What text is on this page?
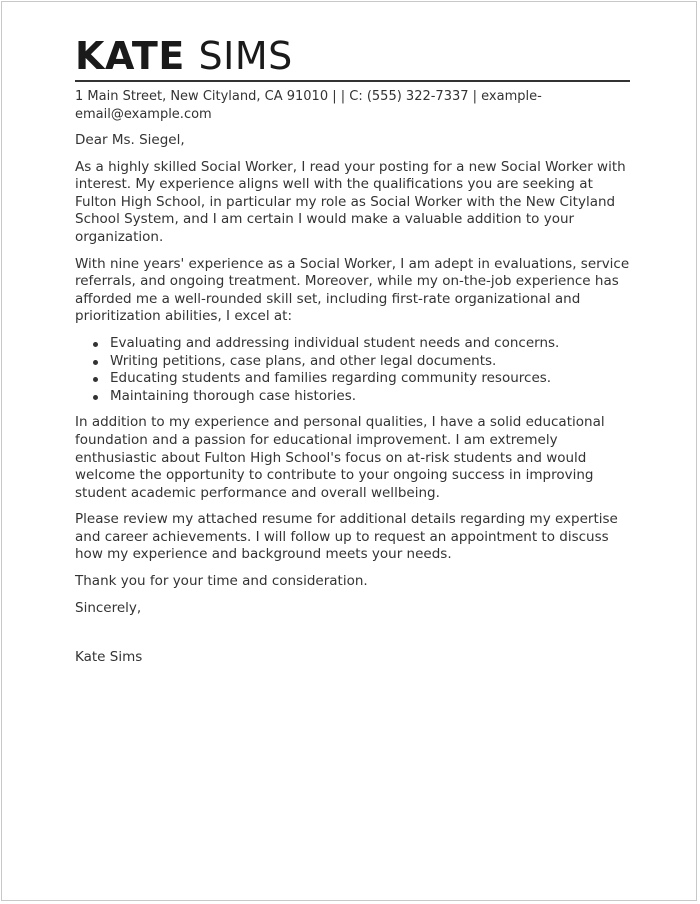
KATE SIMS
1 Main Street, New Cityland, CA 91010 | | C: (555) 322-7337 | example-email@example.com

Dear Ms. Siegel,

As a highly skilled Social Worker, I read your posting for a new Social Worker with interest. My experience aligns well with the qualifications you are seeking at Fulton High School, in particular my role as Social Worker with the New Cityland School System, and I am certain I would make a valuable addition to your organization.

With nine years' experience as a Social Worker, I am adept in evaluations, service referrals, and ongoing treatment. Moreover, while my on-the-job experience has afforded me a well-rounded skill set, including first-rate organizational and prioritization abilities, I excel at:

Evaluating and addressing individual student needs and concerns.
Writing petitions, case plans, and other legal documents.
Educating students and families regarding community resources.
Maintaining thorough case histories.

In addition to my experience and personal qualities, I have a solid educational foundation and a passion for educational improvement. I am extremely enthusiastic about Fulton High School's focus on at-risk students and would welcome the opportunity to contribute to your ongoing success in improving student academic performance and overall wellbeing.

Please review my attached resume for additional details regarding my expertise and career achievements. I will follow up to request an appointment to discuss how my experience and background meets your needs.

Thank you for your time and consideration.

Sincerely,

Kate Sims
